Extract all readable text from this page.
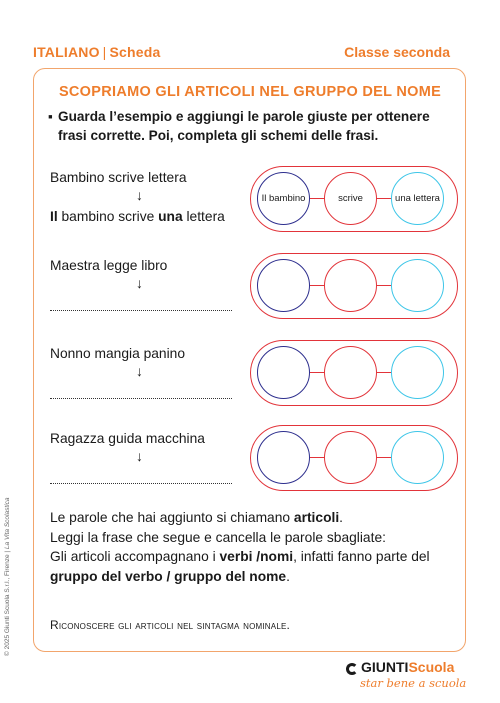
ITALIANO | Scheda	Classe seconda
© 2025 Giunti Scuola S.r.l., Firenze | La Vita Scolastica
SCOPRIAMO GLI ARTICOLI NEL GRUPPO DEL NOME
▪ Guarda l’esempio e aggiungi le parole giuste per ottenere frasi corrette. Poi, completa gli schemi delle frasi.
Bambino scrive lettera
↓
Il bambino scrive una lettera
Il bambino	scrive	una lettera
Maestra legge libro
↓
Nonno mangia panino
↓
Ragazza guida macchina
↓
Le parole che hai aggiunto si chiamano articoli.
Leggi la frase che segue e cancella le parole sbagliate:
Gli articoli accompagnano i verbi /nomi, infatti fanno parte del
gruppo del verbo / gruppo del nome.
Riconoscere gli articoli nel sintagma nominale.
GIUNTIScuola
star bene a scuola
